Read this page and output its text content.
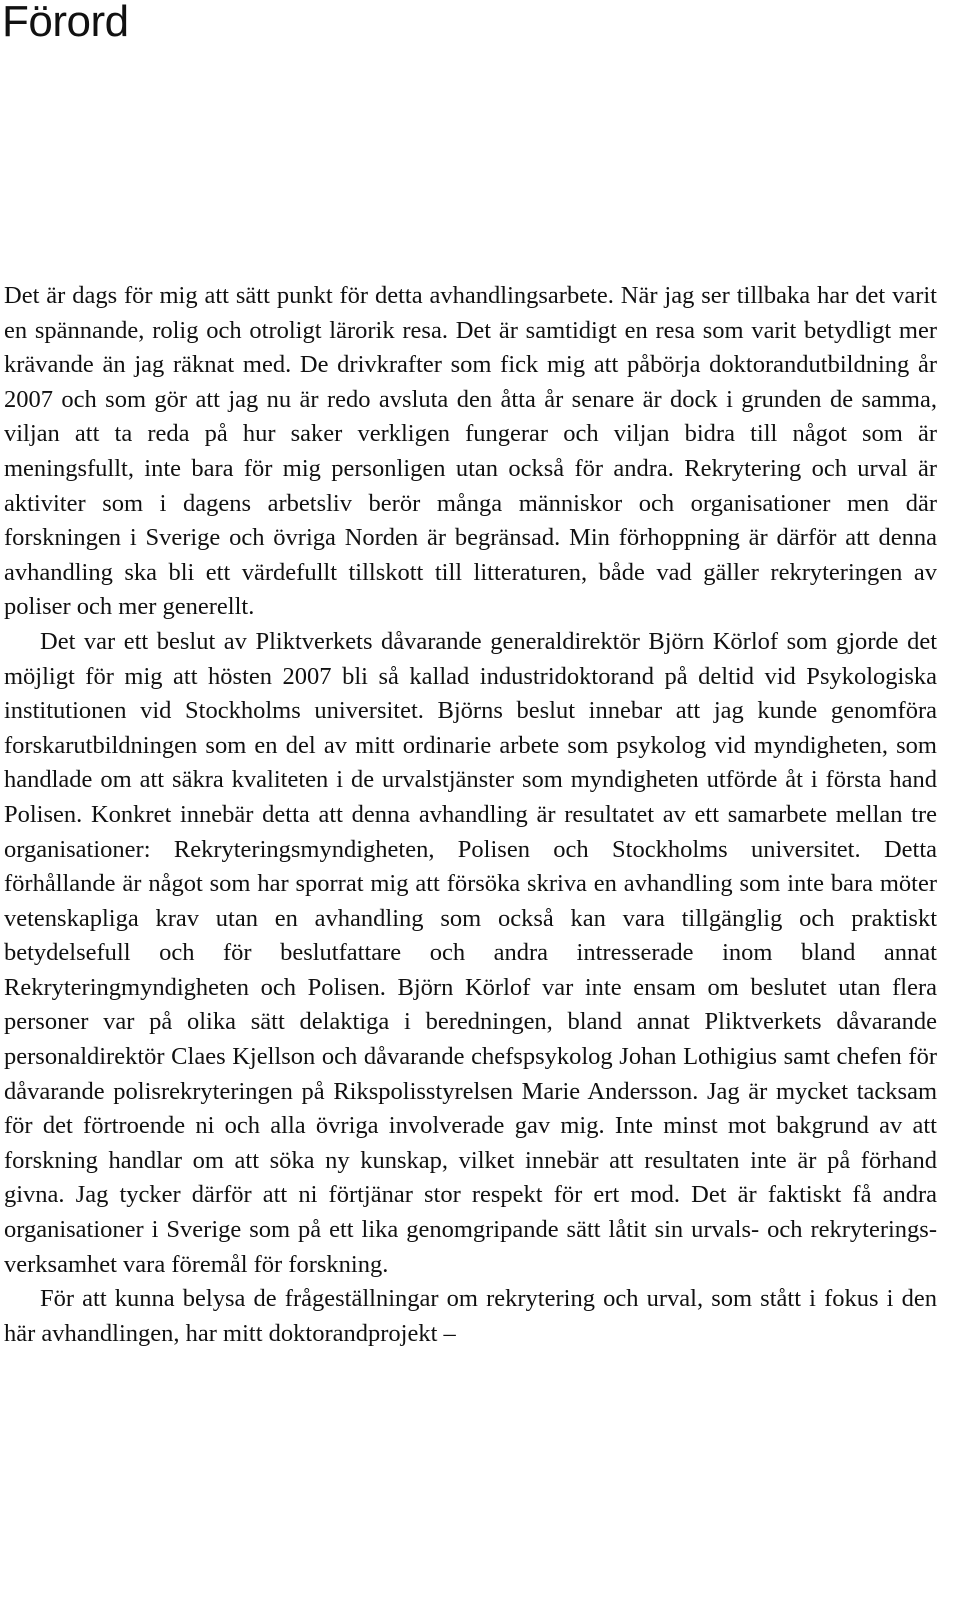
Förord

Det är dags för mig att sätt punkt för detta avhandlingsarbete. När jag ser tillbaka har det varit en spännande, rolig och otroligt lärorik resa. Det är samtidigt en resa som varit betydligt mer krävande än jag räknat med. De drivkrafter som fick mig att påbörja doktorandutbildning år 2007 och som gör att jag nu är redo avsluta den åtta år senare är dock i grunden de samma, viljan att ta reda på hur saker verkligen fungerar och viljan bidra till något som är meningsfullt, inte bara för mig personligen utan också för andra. Rekrytering och urval är aktiviter som i dagens arbetsliv berör många människor och organisationer men där forskningen i Sverige och övriga Norden är begränsad. Min förhoppning är därför att denna avhandling ska bli ett värdefullt tillskott till litteraturen, både vad gäller rekryteringen av poliser och mer generellt.

Det var ett beslut av Pliktverkets dåvarande generaldirektör Björn Körlof som gjorde det möjligt för mig att hösten 2007 bli så kallad industridoktorand på deltid vid Psykologiska institutionen vid Stockholms universitet. Björns beslut innebar att jag kunde genomföra forskarutbildningen som en del av mitt ordinarie arbete som psykolog vid myndigheten, som handlade om att säkra kvaliteten i de urvalstjänster som myndigheten utförde åt i första hand Polisen. Konkret innebär detta att denna avhandling är resultatet av ett samarbete mellan tre organisationer: Rekryteringsmyndigheten, Polisen och Stockholms universitet. Detta förhållande är något som har sporrat mig att försöka skriva en avhandling som inte bara möter vetenskapliga krav utan en avhandling som också kan vara tillgänglig och praktiskt betydelsefull och för beslutfattare och andra intresserade inom bland annat Rekryteringmyndigheten och Polisen. Björn Körlof var inte ensam om beslutet utan flera personer var på olika sätt delaktiga i beredningen, bland annat Pliktverkets dåvarande personaldirektör Claes Kjellson och dåvarande chefspsykolog Johan Lothigius samt chefen för dåvarande polisrekryteringen på Rikspolisstyrelsen Marie Andersson. Jag är mycket tacksam för det förtroende ni och alla övriga involverade gav mig. Inte minst mot bakgrund av att forskning handlar om att söka ny kunskap, vilket innebär att resultaten inte är på förhand givna. Jag tycker därför att ni förtjänar stor respekt för ert mod. Det är faktiskt få andra organisationer i Sverige som på ett lika genomgripande sätt låtit sin urvals- och rekryteringsverksamhet vara föremål för forskning.

För att kunna belysa de frågeställningar om rekrytering och urval, som stått i fokus i den här avhandlingen, har mitt doktorandprojekt –
